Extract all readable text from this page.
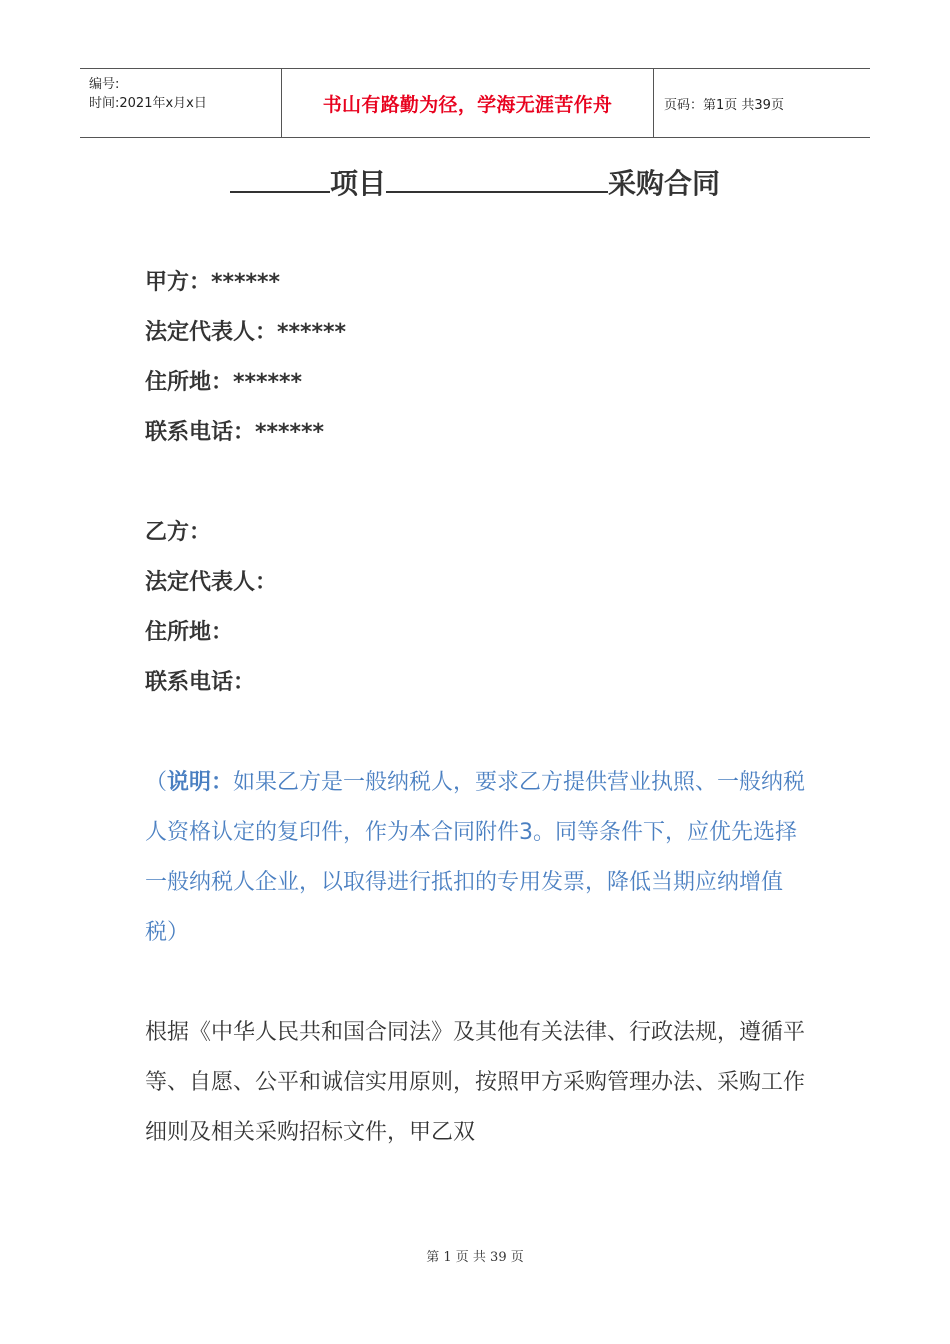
编号:
时间:2021年x月x日	书山有路勤为径，学海无涯苦作舟	页码：第1页 共39页
项目	采购合同
甲方：******
法定代表人：******
住所地：******
联系电话：******
乙方：
法定代表人：
住所地：
联系电话：
（说明：如果乙方是一般纳税人，要求乙方提供营业执照、一般纳税人资格认定的复印件，作为本合同附件3。同等条件下，应优先选择一般纳税人企业，以取得进行抵扣的专用发票，降低当期应纳增值税）
根据《中华人民共和国合同法》及其他有关法律、行政法规，遵循平等、自愿、公平和诚信实用原则，按照甲方采购管理办法、采购工作细则及相关采购招标文件，甲乙双
第 1 页 共 39 页
